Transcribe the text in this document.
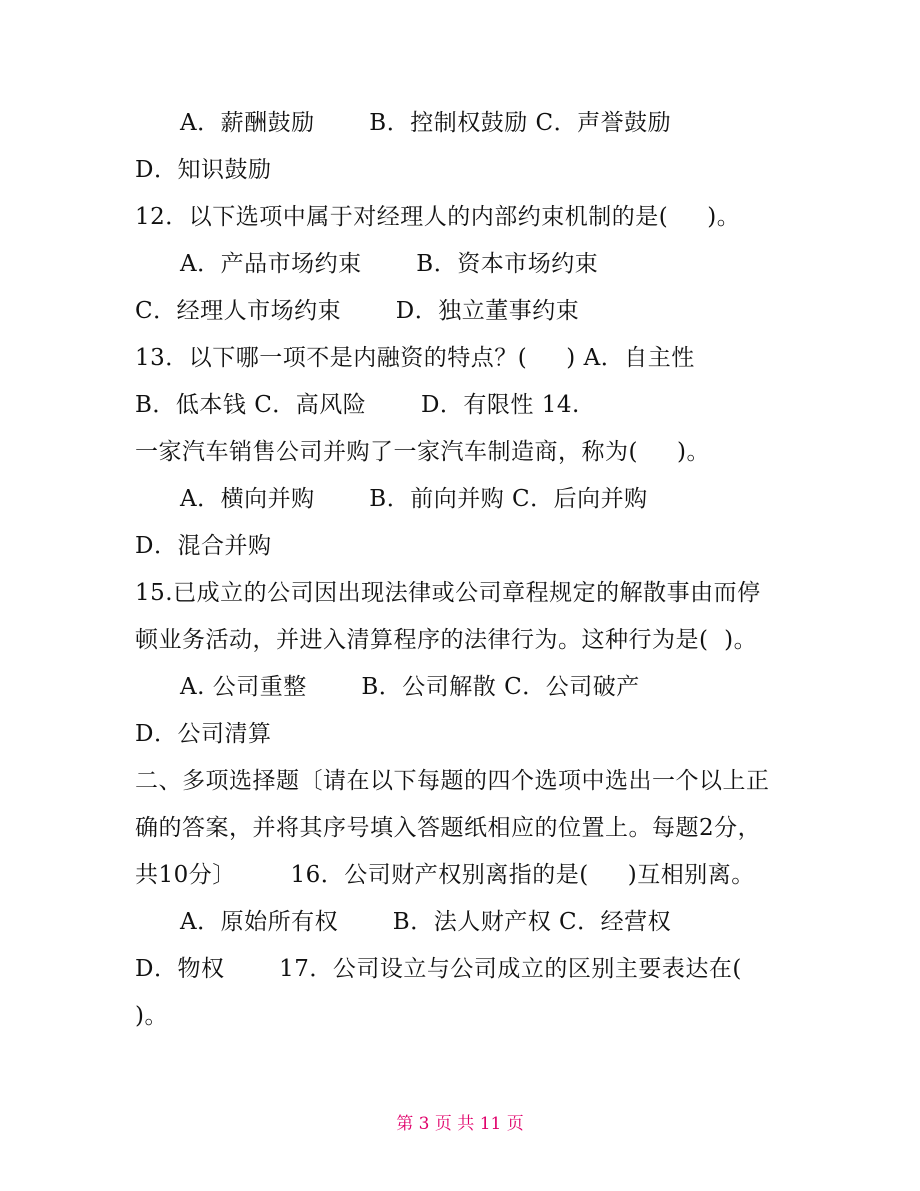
A．薪酬鼓励       B．控制权鼓励 C．声誉鼓励
D．知识鼓励
12．以下选项中属于对经理人的内部约束机制的是(     )。
A．产品市场约束       B．资本市场约束
C．经理人市场约束       D．独立董事约束
13．以下哪一项不是内融资的特点？(     ) A．自主性
B．低本钱 C．高风险       D．有限性 14.
一家汽车销售公司并购了一家汽车制造商，称为(     )。
A．横向并购       B．前向并购 C．后向并购
D．混合并购
15.已成立的公司因出现法律或公司章程规定的解散事由而停
顿业务活动，并进入清算程序的法律行为。这种行为是(  )。
A. 公司重整       B．公司解散 C．公司破产
D．公司清算
二、多项选择题〔请在以下每题的四个选项中选出一个以上正
确的答案，并将其序号填入答题纸相应的位置上。每题2分，
共10分〕       16．公司财产权别离指的是(     )互相别离。
A．原始所有权       B．法人财产权 C．经营权
D．物权       17．公司设立与公司成立的区别主要表达在(
)。
第 3 页 共 11 页
